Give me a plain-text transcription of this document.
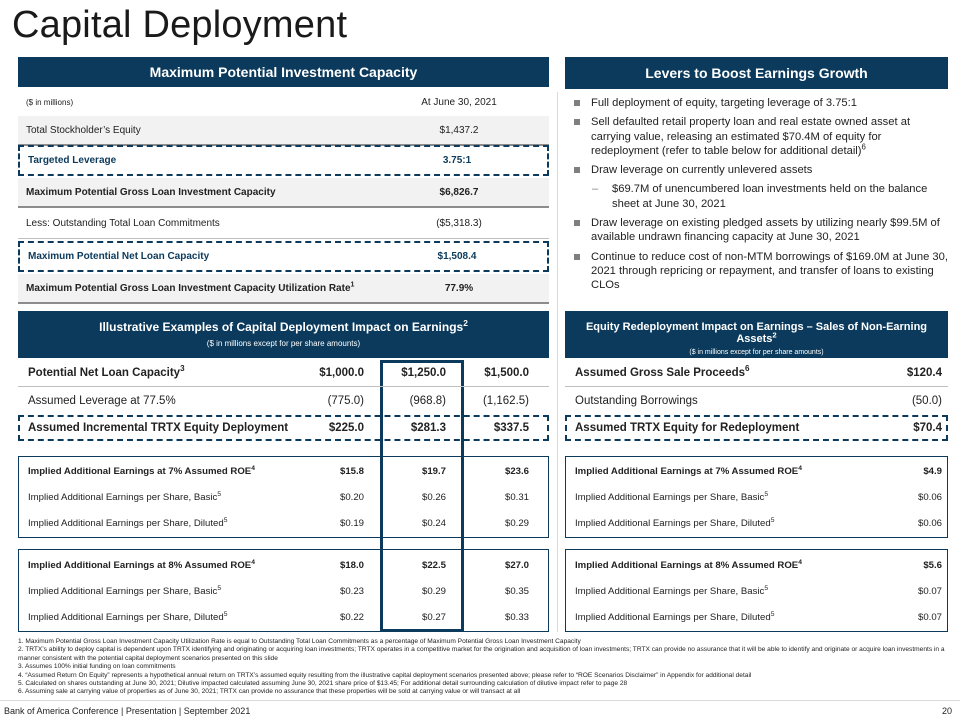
Capital Deployment
Maximum Potential Investment Capacity
($ in millions)	At June 30, 2021
Total Stockholder’s Equity	$1,437.2
Targeted Leverage	3.75:1
Maximum Potential Gross Loan Investment Capacity	$6,826.7
Less: Outstanding Total Loan Commitments	($5,318.3)
Maximum Potential Net Loan Capacity	$1,508.4
Maximum Potential Gross Loan Investment Capacity Utilization Rate$^1$	77.9%
Levers to Boost Earnings Growth
Full deployment of equity, targeting leverage of 3.75:1
Sell defaulted retail property loan and real estate owned asset at carrying value, releasing an estimated $70.4M of equity for redeployment (refer to table below for additional detail)$^6$
Draw leverage on currently unlevered assets
– $69.7M of unencumbered loan investments held on the balance sheet at June 30, 2021
Draw leverage on existing pledged assets by utilizing nearly $99.5M of available undrawn financing capacity at June 30, 2021
Continue to reduce cost of non-MTM borrowings of $169.0M at June 30, 2021 through repricing or repayment, and transfer of loans to existing CLOs
Illustrative Examples of Capital Deployment Impact on Earnings$^2$
($ in millions except for per share amounts)
Potential Net Loan Capacity$^3$	$1,000.0	$1,250.0	$1,500.0
Assumed Leverage at 77.5%	(775.0)	(968.8)	(1,162.5)
Assumed Incremental TRTX Equity Deployment	$225.0	$281.3	$337.5
Implied Additional Earnings at 7% Assumed ROE$^4$	$15.8	$19.7	$23.6
Implied Additional Earnings per Share, Basic$^5$	$0.20	$0.26	$0.31
Implied Additional Earnings per Share, Diluted$^5$	$0.19	$0.24	$0.29
Implied Additional Earnings at 8% Assumed ROE$^4$	$18.0	$22.5	$27.0
Implied Additional Earnings per Share, Basic$^5$	$0.23	$0.29	$0.35
Implied Additional Earnings per Share, Diluted$^5$	$0.22	$0.27	$0.33
Equity Redeployment Impact on Earnings – Sales of Non-Earning Assets$^2$
($ in millions except for per share amounts)
Assumed Gross Sale Proceeds$^6$	$120.4
Outstanding Borrowings	(50.0)
Assumed TRTX Equity for Redeployment	$70.4
Implied Additional Earnings at 7% Assumed ROE$^4$	$4.9
Implied Additional Earnings per Share, Basic$^5$	$0.06
Implied Additional Earnings per Share, Diluted$^5$	$0.06
Implied Additional Earnings at 8% Assumed ROE$^4$	$5.6
Implied Additional Earnings per Share, Basic$^5$	$0.07
Implied Additional Earnings per Share, Diluted$^5$	$0.07
1. Maximum Potential Gross Loan Investment Capacity Utilization Rate is equal to Outstanding Total Loan Commitments as a percentage of Maximum Potential Gross Loan Investment Capacity
2. TRTX’s ability to deploy capital is dependent upon TRTX identifying and originating or acquiring loan investments; TRTX operates in a competitive market for the origination and acquisition of loan investments; TRTX can provide no assurance that it will be able to identify and originate or acquire loan investments in a manner consistent with the potential capital deployment scenarios presented on this slide
3. Assumes 100% initial funding on loan commitments
4. “Assumed Return On Equity” represents a hypothetical annual return on TRTX’s assumed equity resulting from the illustrative capital deployment scenarios presented above; please refer to “ROE Scenarios Disclaimer” in Appendix for additional detail
5. Calculated on shares outstanding at June 30, 2021; Dilutive impacted calculated assuming June 30, 2021 share price of $13.45; For additional detail surrounding calculation of dilutive impact refer to page 28
6. Assuming sale at carrying value of properties as of June 30, 2021; TRTX can provide no assurance that these properties will be sold at carrying value or will transact at all
Bank of America Conference | Presentation | September 2021	20
